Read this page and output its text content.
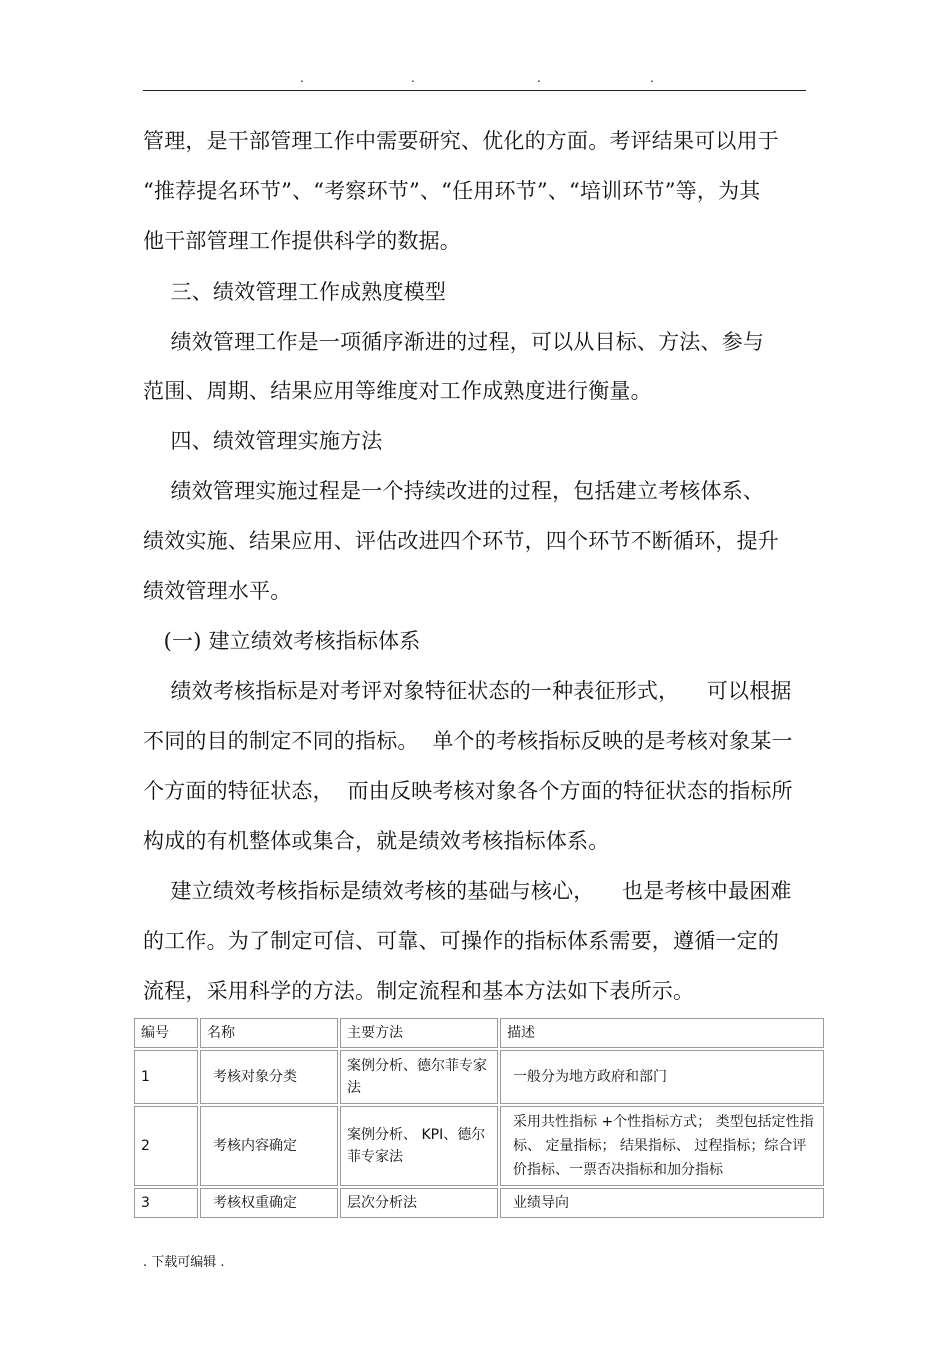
.	.	.	.
管理，是干部管理工作中需要研究、优化的方面。考评结果可以用于
“推荐提名环节”、“考察环节”、“任用环节”、“培训环节”等，为其
他干部管理工作提供科学的数据。
三、绩效管理工作成熟度模型
绩效管理工作是一项循序渐进的过程，可以从目标、方法、参与
范围、周期、结果应用等维度对工作成熟度进行衡量。
四、绩效管理实施方法
绩效管理实施过程是一个持续改进的过程，包括建立考核体系、
绩效实施、结果应用、评估改进四个环节，四个环节不断循环，提升
绩效管理水平。
(一) 建立绩效考核指标体系
绩效考核指标是对考评对象特征状态的一种表征形式，    可以根据
不同的目的制定不同的指标。  单个的考核指标反映的是考核对象某一
个方面的特征状态，  而由反映考核对象各个方面的特征状态的指标所
构成的有机整体或集合，就是绩效考核指标体系。
建立绩效考核指标是绩效考核的基础与核心，    也是考核中最困难
的工作。为了制定可信、可靠、可操作的指标体系需要，遵循一定的
流程，采用科学的方法。制定流程和基本方法如下表所示。
编号	名称	主要方法	描述
1	考核对象分类	案例分析、德尔菲专家法	一般分为地方政府和部门
2	考核内容确定	案例分析、 KPI、德尔菲专家法	采用共性指标 +个性指标方式； 类型包括定性指标、 定量指标； 结果指标、 过程指标；综合评价指标、一票否决指标和加分指标
3	考核权重确定	层次分析法	业绩导向
. 下载可编辑 .
